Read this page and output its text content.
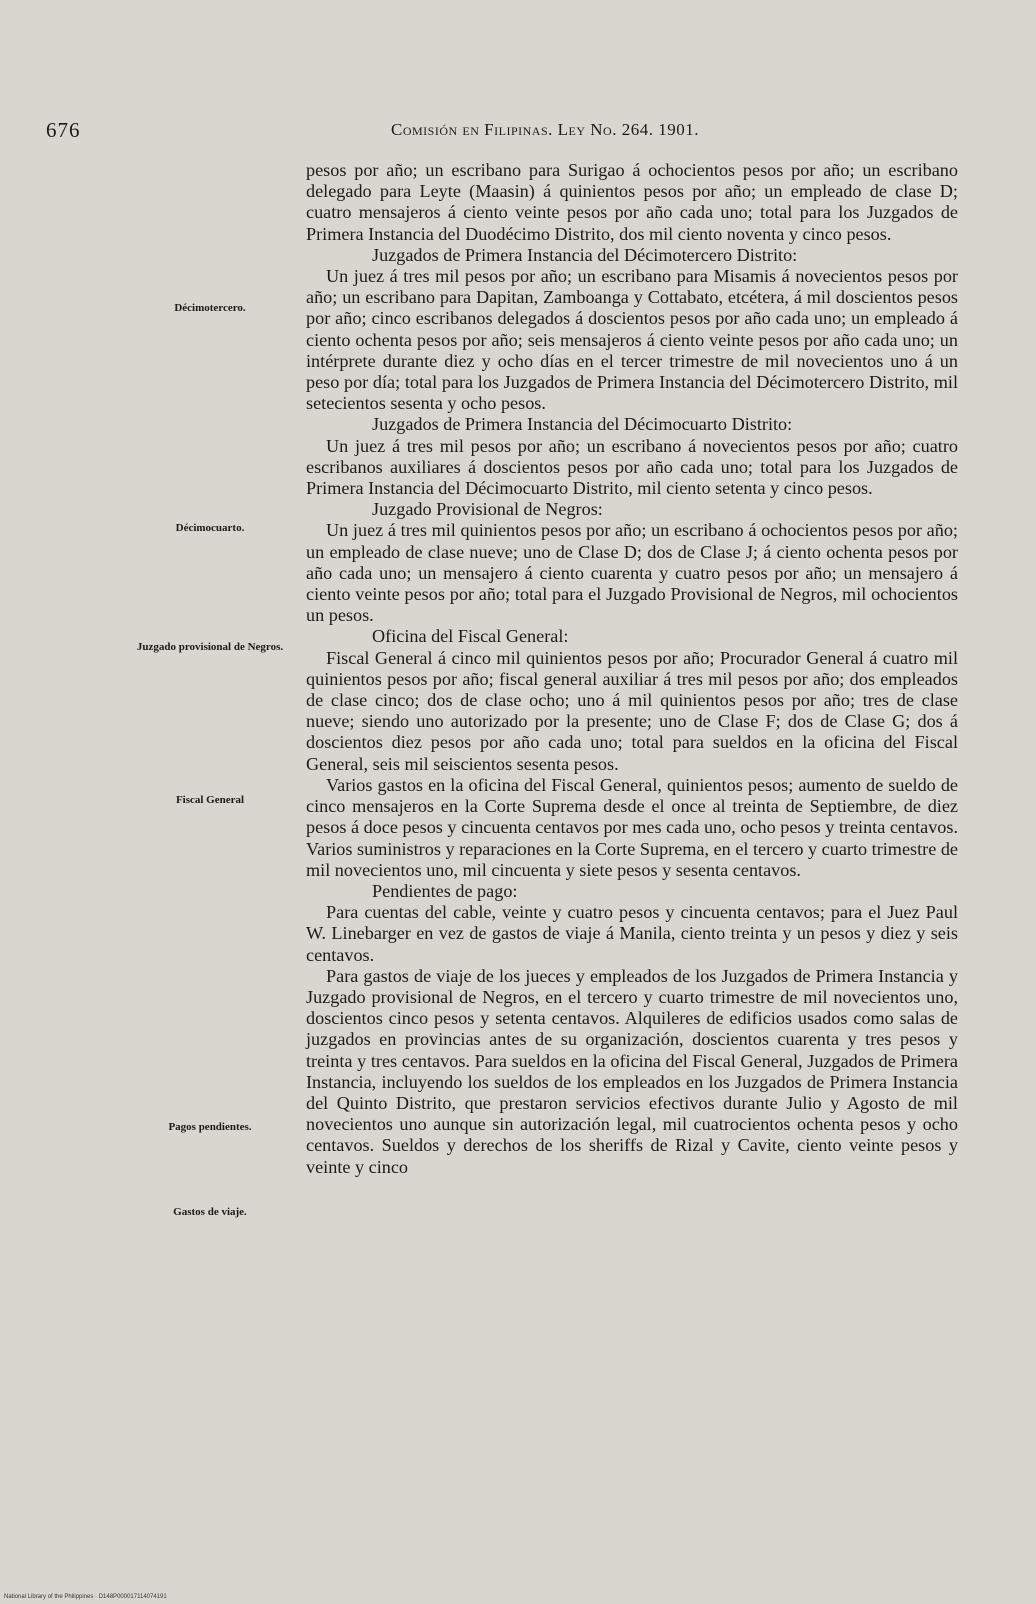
676	Comisión en Filipinas. Ley No. 264. 1901.
Décimotercero.
Décimocuarto.
Juzgado provisional de Negros.
Fiscal General
Pagos pendientes.
Gastos de viaje.

pesos por año; un escribano para Surigao á ochocientos pesos por año; un escribano delegado para Leyte (Maasin) á quinientos pesos por año; un empleado de clase D; cuatro mensajeros á ciento veinte pesos por año cada uno; total para los Juzgados de Primera Instancia del Duodécimo Distrito, dos mil ciento noventa y cinco pesos.

Juzgados de Primera Instancia del Décimotercero Distrito:

Un juez á tres mil pesos por año; un escribano para Misamis á novecientos pesos por año; un escribano para Dapitan, Zamboanga y Cottabato, etcétera, á mil doscientos pesos por año; cinco escribanos delegados á doscientos pesos por año cada uno; un empleado á ciento ochenta pesos por año; seis mensajeros á ciento veinte pesos por año cada uno; un intérprete durante diez y ocho días en el tercer trimestre de mil novecientos uno á un peso por día; total para los Juzgados de Primera Instancia del Décimotercero Distrito, mil setecientos sesenta y ocho pesos.

Juzgados de Primera Instancia del Décimocuarto Distrito:

Un juez á tres mil pesos por año; un escribano á novecientos pesos por año; cuatro escribanos auxiliares á doscientos pesos por año cada uno; total para los Juzgados de Primera Instancia del Décimocuarto Distrito, mil ciento setenta y cinco pesos.

Juzgado Provisional de Negros:

Un juez á tres mil quinientos pesos por año; un escribano á ochocientos pesos por año; un empleado de clase nueve; uno de Clase D; dos de Clase J; á ciento ochenta pesos por año cada uno; un mensajero á ciento cuarenta y cuatro pesos por año; un mensajero á ciento veinte pesos por año; total para el Juzgado Provisional de Negros, mil ochocientos un pesos.

Oficina del Fiscal General:

Fiscal General á cinco mil quinientos pesos por año; Procurador General á cuatro mil quinientos pesos por año; fiscal general auxiliar á tres mil pesos por año; dos empleados de clase cinco; dos de clase ocho; uno á mil quinientos pesos por año; tres de clase nueve; siendo uno autorizado por la presente; uno de Clase F; dos de Clase G; dos á doscientos diez pesos por año cada uno; total para sueldos en la oficina del Fiscal General, seis mil seiscientos sesenta pesos.

Varios gastos en la oficina del Fiscal General, quinientos pesos; aumento de sueldo de cinco mensajeros en la Corte Suprema desde el once al treinta de Septiembre, de diez pesos á doce pesos y cincuenta centavos por mes cada uno, ocho pesos y treinta centavos. Varios suministros y reparaciones en la Corte Suprema, en el tercero y cuarto trimestre de mil novecientos uno, mil cincuenta y siete pesos y sesenta centavos.

Pendientes de pago:

Para cuentas del cable, veinte y cuatro pesos y cincuenta centavos; para el Juez Paul W. Linebarger en vez de gastos de viaje á Manila, ciento treinta y un pesos y diez y seis centavos.

Para gastos de viaje de los jueces y empleados de los Juzgados de Primera Instancia y Juzgado provisional de Negros, en el tercero y cuarto trimestre de mil novecientos uno, doscientos cinco pesos y setenta centavos. Alquileres de edificios usados como salas de juzgados en provincias antes de su organización, doscientos cuarenta y tres pesos y treinta y tres centavos. Para sueldos en la oficina del Fiscal General, Juzgados de Primera Instancia, incluyendo los sueldos de los empleados en los Juzgados de Primera Instancia del Quinto Distrito, que prestaron servicios efectivos durante Julio y Agosto de mil novecientos uno aunque sin autorización legal, mil cuatrocientos ochenta pesos y ocho centavos. Sueldos y derechos de los sheriffs de Rizal y Cavite, ciento veinte pesos y veinte y cinco

National Library of the Philippines · D148P000017114074191
